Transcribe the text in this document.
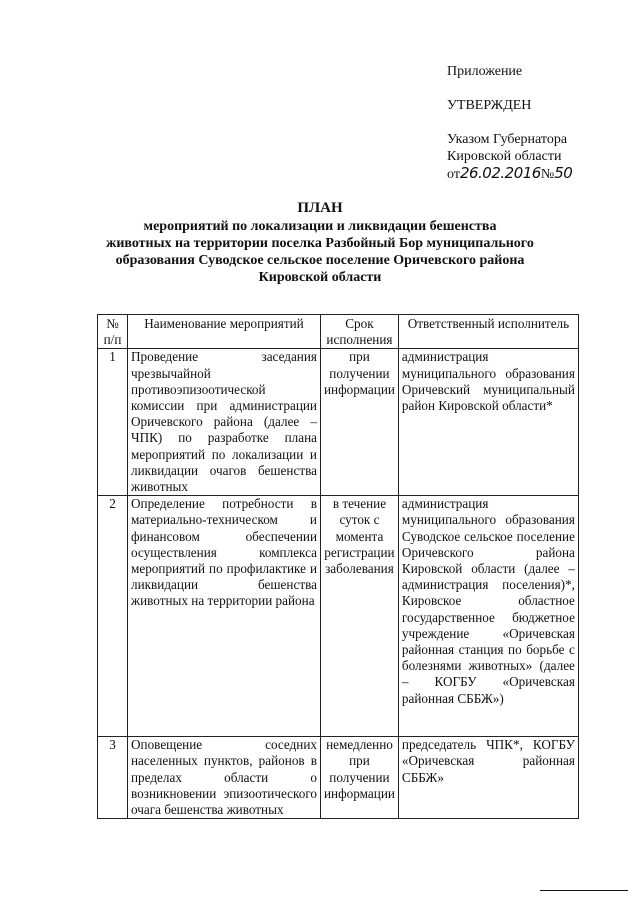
Приложение
УТВЕРЖДЕН
Указом Губернатора
Кировской области
от26.02.2016№50
ПЛАН
мероприятий по локализации и ликвидации бешенства
животных на территории поселка Разбойный Бор муниципального
образования Суводское сельское поселение Оричевского района
Кировской области
№ п/п	Наименование мероприятий	Срок исполнения	Ответственный исполнитель
1	Проведение заседания чрезвычайной противоэпизоотической комиссии при администрации Оричевского района (далее – ЧПК) по разработке плана мероприятий по локализации и ликвидации очагов бешенства животных	при получении информации	администрация муниципального образования Оричевский муниципальный район Кировской области*
2	Определение потребности в материально-техническом и финансовом обеспечении осуществления комплекса мероприятий по профилактике и ликвидации бешенства животных на территории района	в течение суток с момента регистрации заболевания	администрация муниципального образования Суводское сельское поселение Оричевского района Кировской области (далее – администрация поселения)*, Кировское областное государственное бюджетное учреждение «Оричевская районная станция по борьбе с болезнями животных» (далее – КОГБУ «Оричевская районная СББЖ»)
3	Оповещение соседних населенных пунктов, районов в пределах области о возникновении эпизоотического очага бешенства животных	немедленно при получении информации	председатель ЧПК*, КОГБУ «Оричевская районная СББЖ»
